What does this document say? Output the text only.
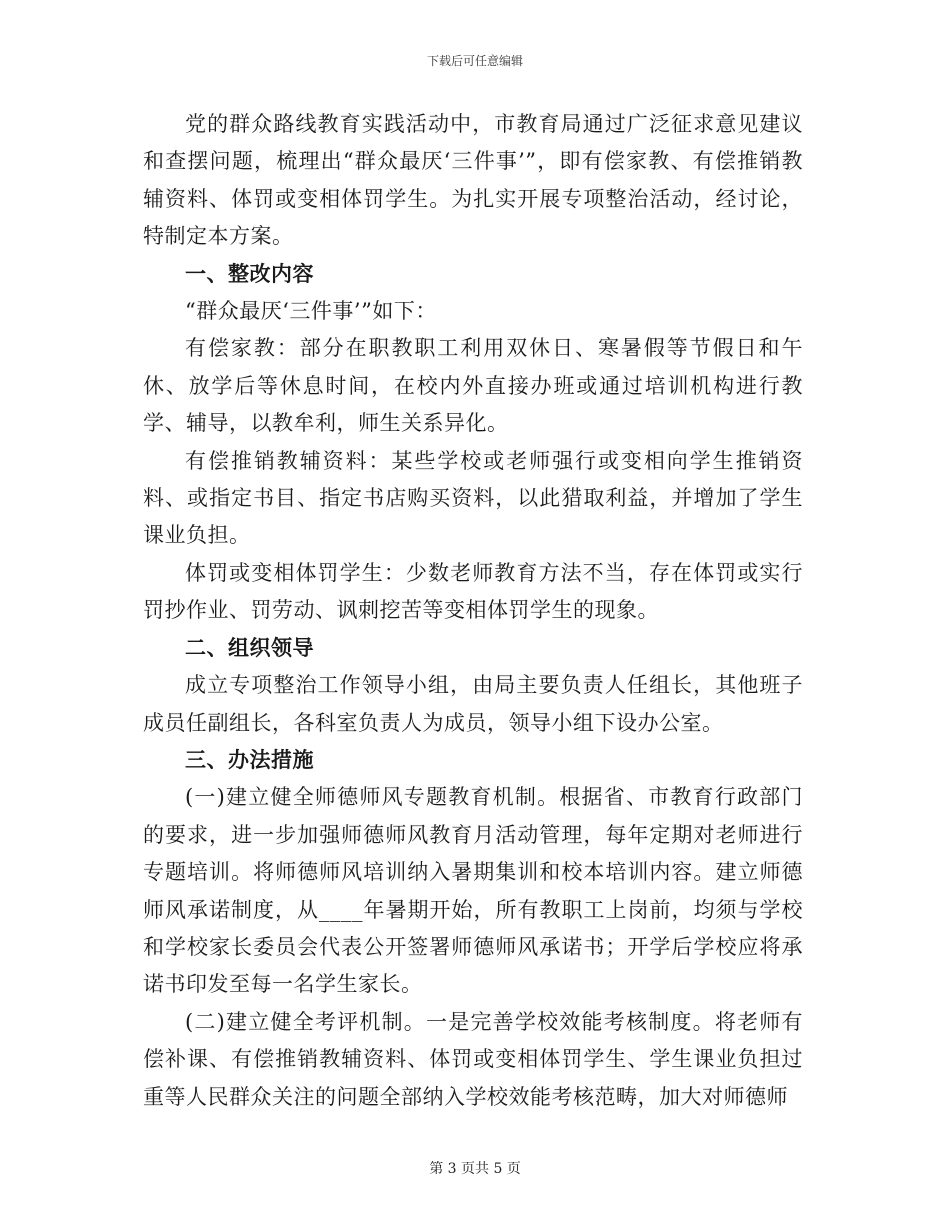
下载后可任意编辑

党的群众路线教育实践活动中，市教育局通过广泛征求意见建议和查摆问题，梳理出“群众最厌‘三件事’”，即有偿家教、有偿推销教辅资料、体罚或变相体罚学生。为扎实开展专项整治活动，经讨论，特制定本方案。

一、整改内容

“群众最厌‘三件事’”如下：

有偿家教：部分在职教职工利用双休日、寒暑假等节假日和午休、放学后等休息时间，在校内外直接办班或通过培训机构进行教学、辅导，以教牟利，师生关系异化。

有偿推销教辅资料：某些学校或老师强行或变相向学生推销资料、或指定书目、指定书店购买资料，以此猎取利益，并增加了学生课业负担。

体罚或变相体罚学生：少数老师教育方法不当，存在体罚或实行罚抄作业、罚劳动、讽刺挖苦等变相体罚学生的现象。

二、组织领导

成立专项整治工作领导小组，由局主要负责人任组长，其他班子成员任副组长，各科室负责人为成员，领导小组下设办公室。

三、办法措施

(一)建立健全师德师风专题教育机制。根据省、市教育行政部门的要求，进一步加强师德师风教育月活动管理，每年定期对老师进行专题培训。将师德师风培训纳入暑期集训和校本培训内容。建立师德师风承诺制度，从____年暑期开始，所有教职工上岗前，均须与学校和学校家长委员会代表公开签署师德师风承诺书；开学后学校应将承诺书印发至每一名学生家长。

(二)建立健全考评机制。一是完善学校效能考核制度。将老师有偿补课、有偿推销教辅资料、体罚或变相体罚学生、学生课业负担过重等人民群众关注的问题全部纳入学校效能考核范畴，加大对师德师

第 3 页共 5 页
